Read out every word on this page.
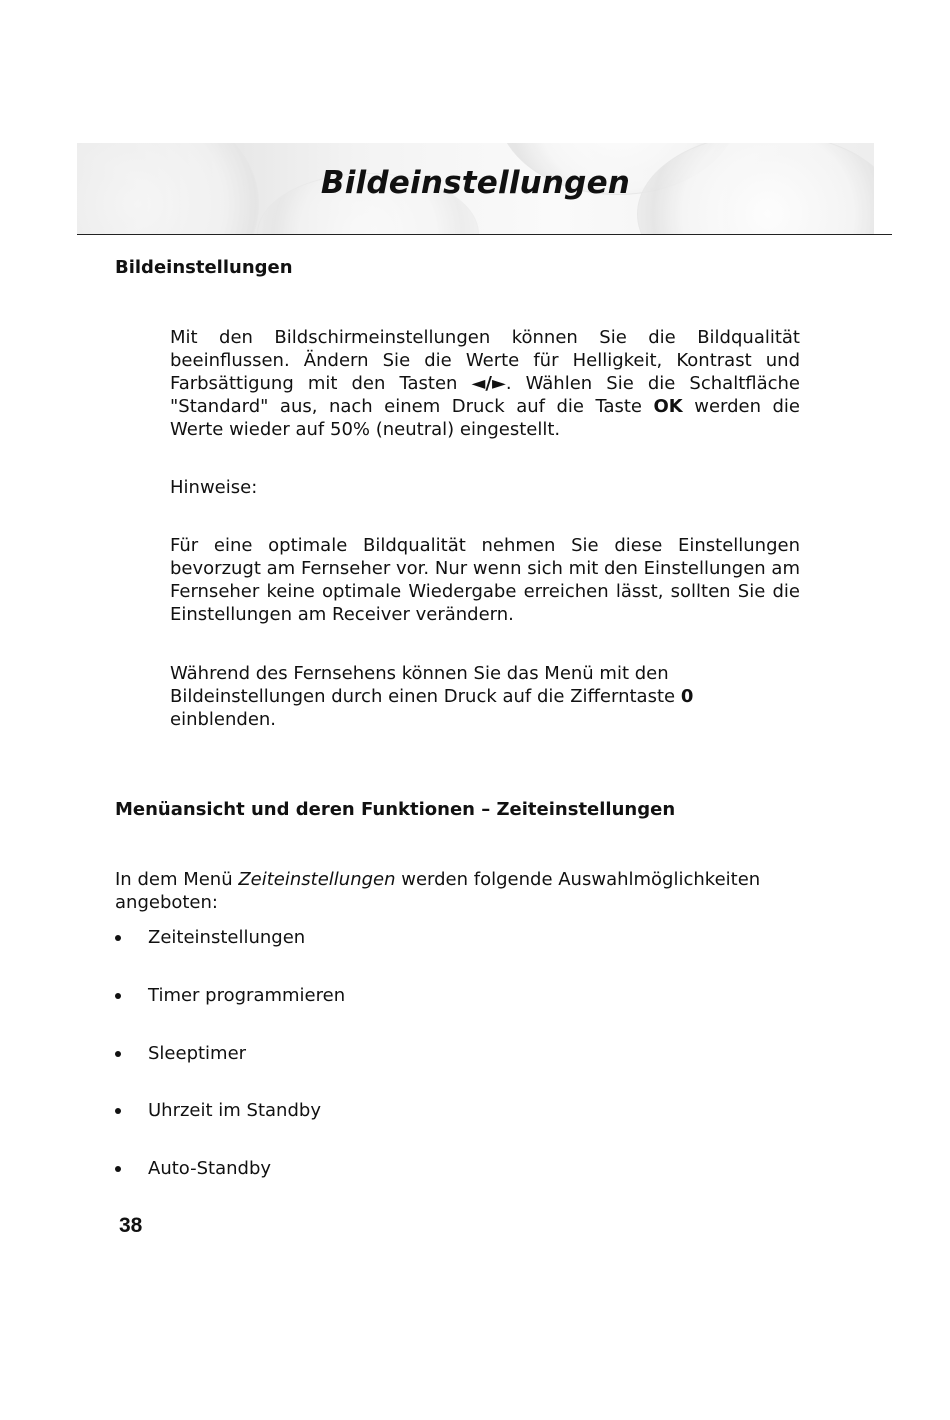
Bildeinstellungen
Bildeinstellungen

Mit den Bildschirmeinstellungen können Sie die Bildqualität beeinflussen. Ändern Sie die Werte für Helligkeit, Kontrast und Farbsättigung mit den Tasten ◄/►. Wählen Sie die Schaltfläche "Standard" aus, nach einem Druck auf die Taste OK werden die Werte wieder auf 50% (neutral) eingestellt.

Hinweise:

Für eine optimale Bildqualität nehmen Sie diese Einstellungen bevorzugt am Fernseher vor. Nur wenn sich mit den Einstellungen am Fernseher keine optimale Wiedergabe erreichen lässt, sollten Sie die Einstellungen am Receiver verändern.

Während des Fernsehens können Sie das Menü mit den Bildeinstellungen durch einen Druck auf die Zifferntaste 0 einblenden.

Menüansicht und deren Funktionen – Zeiteinstellungen

In dem Menü Zeiteinstellungen werden folgende Auswahlmöglichkeiten angeboten:

Zeiteinstellungen
Timer programmieren
Sleeptimer
Uhrzeit im Standby
Auto-Standby
38
